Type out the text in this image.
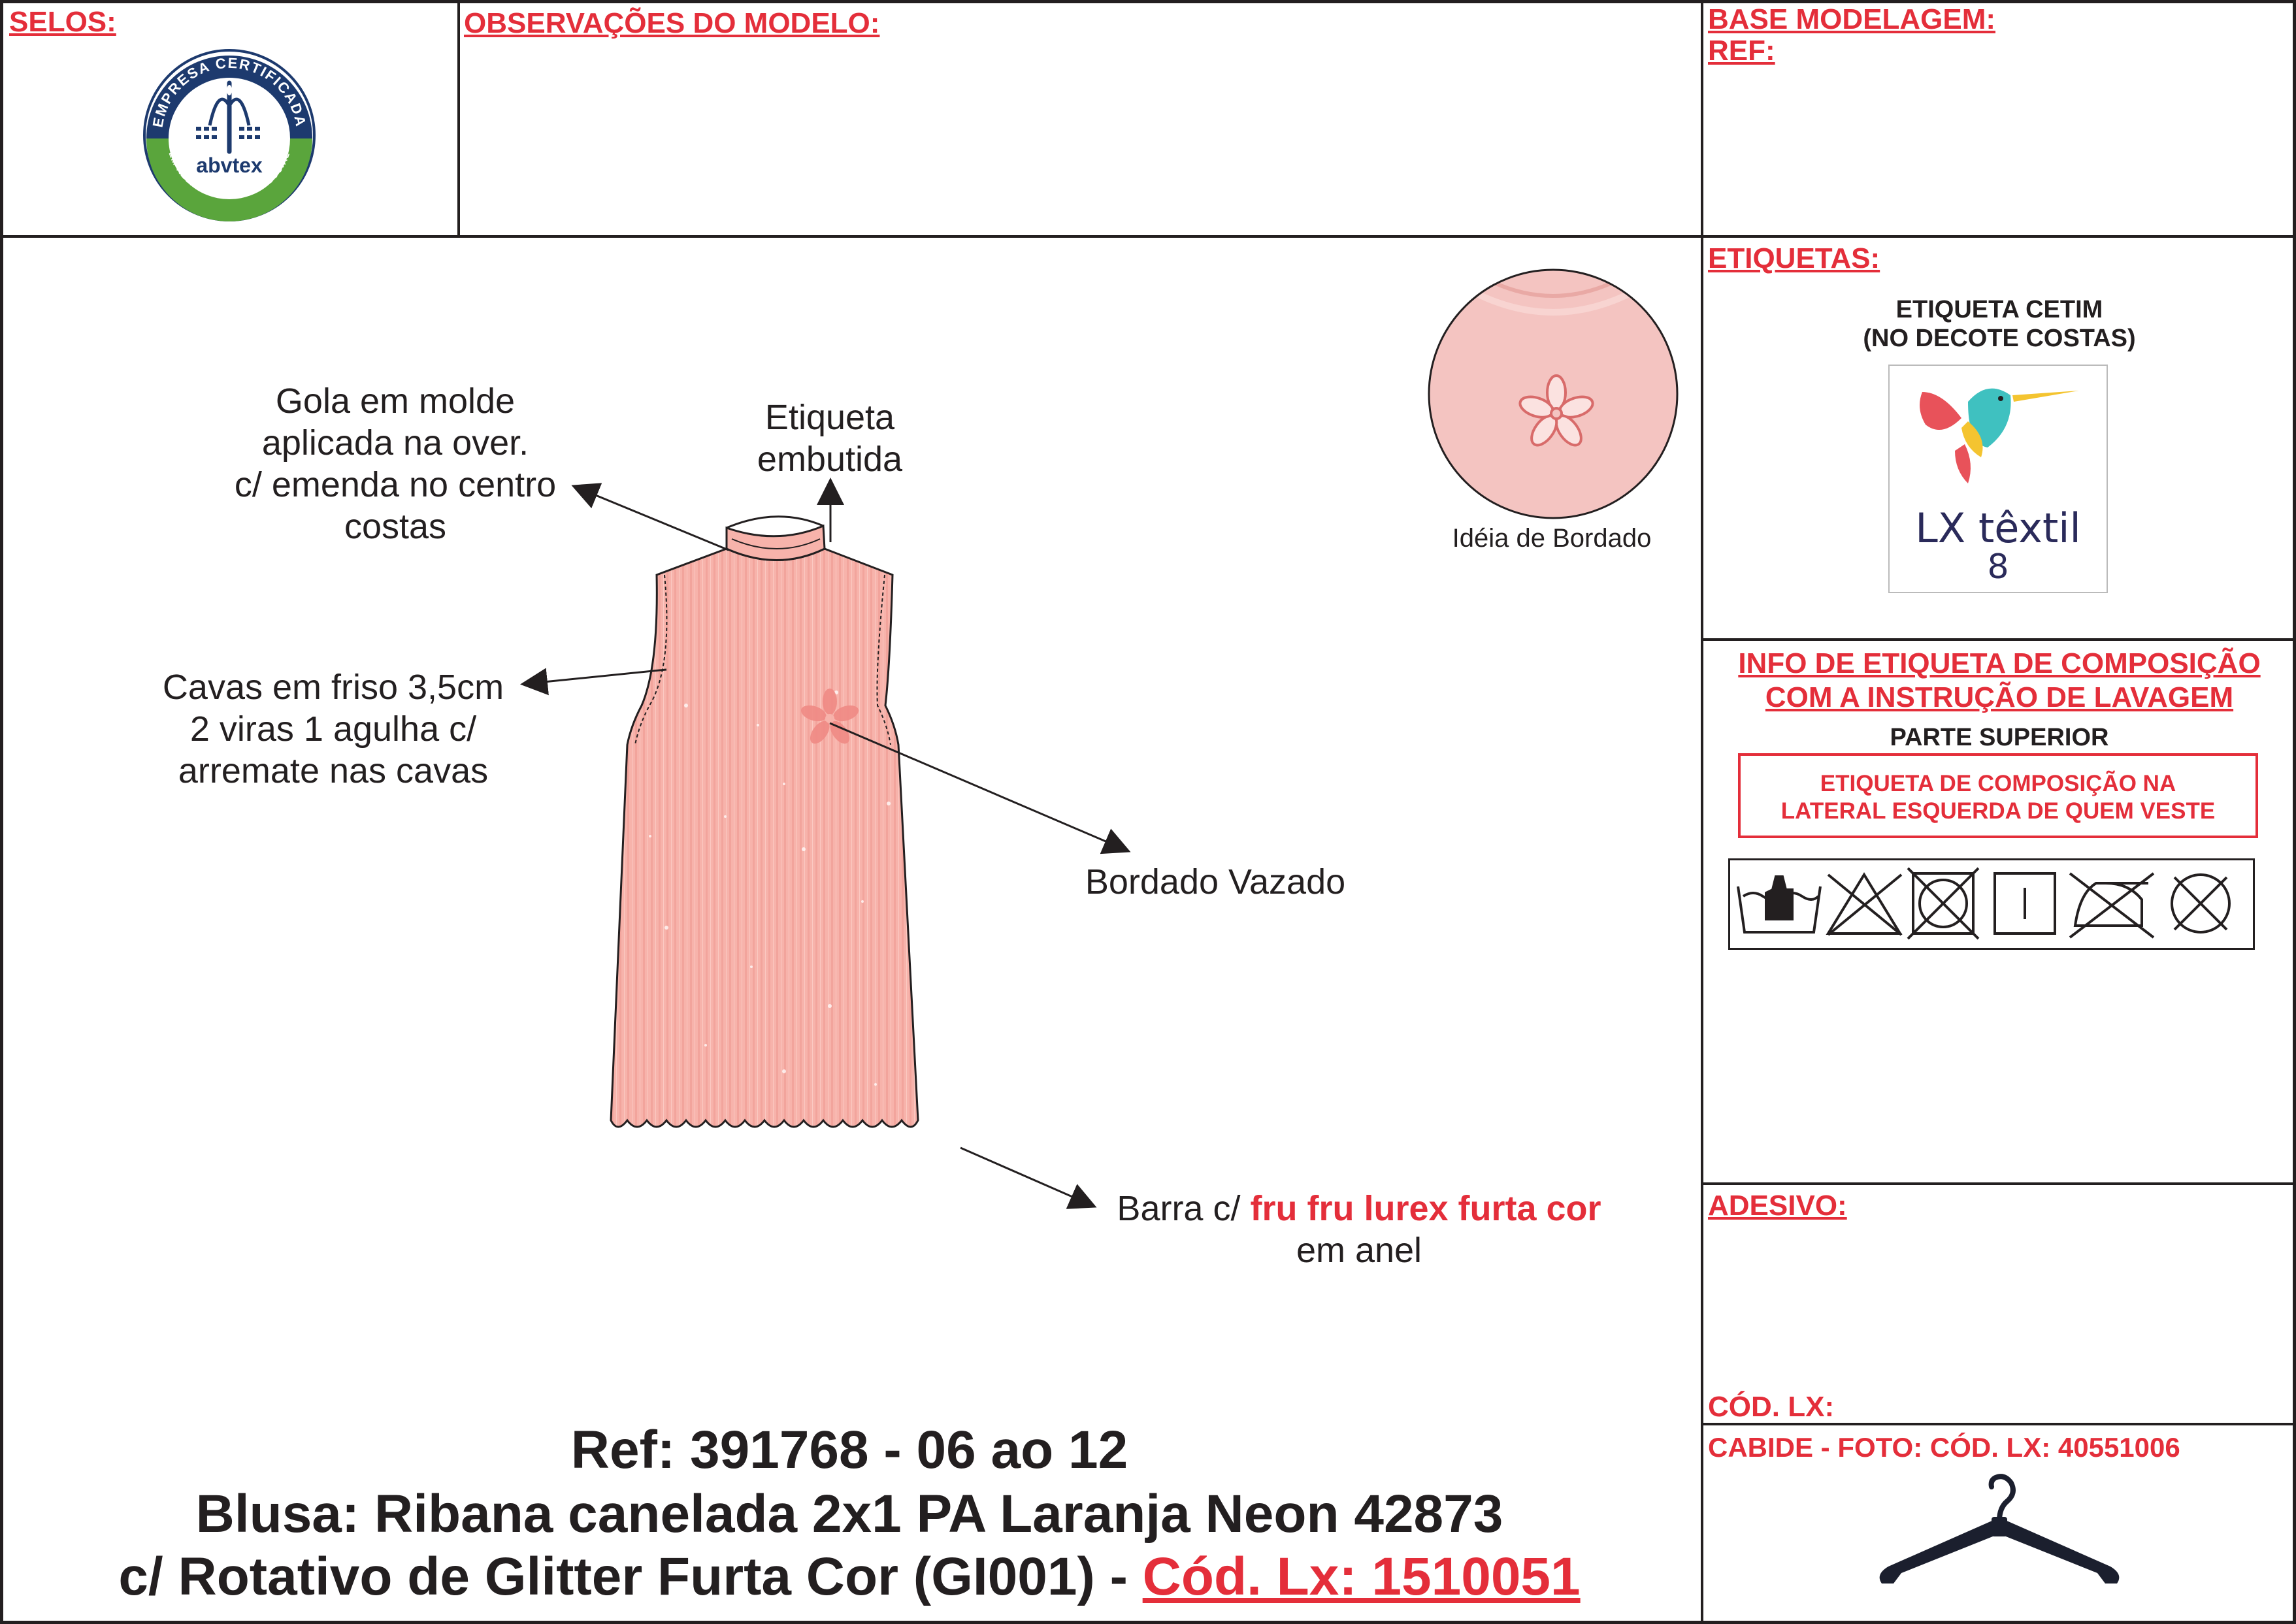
SELOS:	OBSERVAÇÕES DO MODELO:	BASE MODELAGEM:
REF:
EMPRESA CERTIFICADA
EM RESPONSABILIDADE SOCIAL
abvtex
Gola em molde
aplicada na over.
c/ emenda no centro
costas
Etiqueta
embutida
Cavas em friso 3,5cm
2 viras 1 agulha c/
arremate nas cavas
Bordado Vazado
Barra c/ fru fru lurex furta cor
em anel
Idéia de Bordado
Ref: 391768 - 06 ao 12
Blusa: Ribana canelada 2x1 PA Laranja Neon 42873
c/ Rotativo de Glitter Furta Cor (GI001) - Cód. Lx: 1510051
ETIQUETAS:
ETIQUETA CETIM
(NO DECOTE COSTAS)
LX têxtil
8
INFO DE ETIQUETA DE COMPOSIÇÃO
COM A INSTRUÇÃO DE LAVAGEM
PARTE SUPERIOR
ETIQUETA DE COMPOSIÇÃO NA
LATERAL ESQUERDA DE QUEM VESTE
ADESIVO:
CÓD. LX:
CABIDE - FOTO: CÓD. LX: 40551006
